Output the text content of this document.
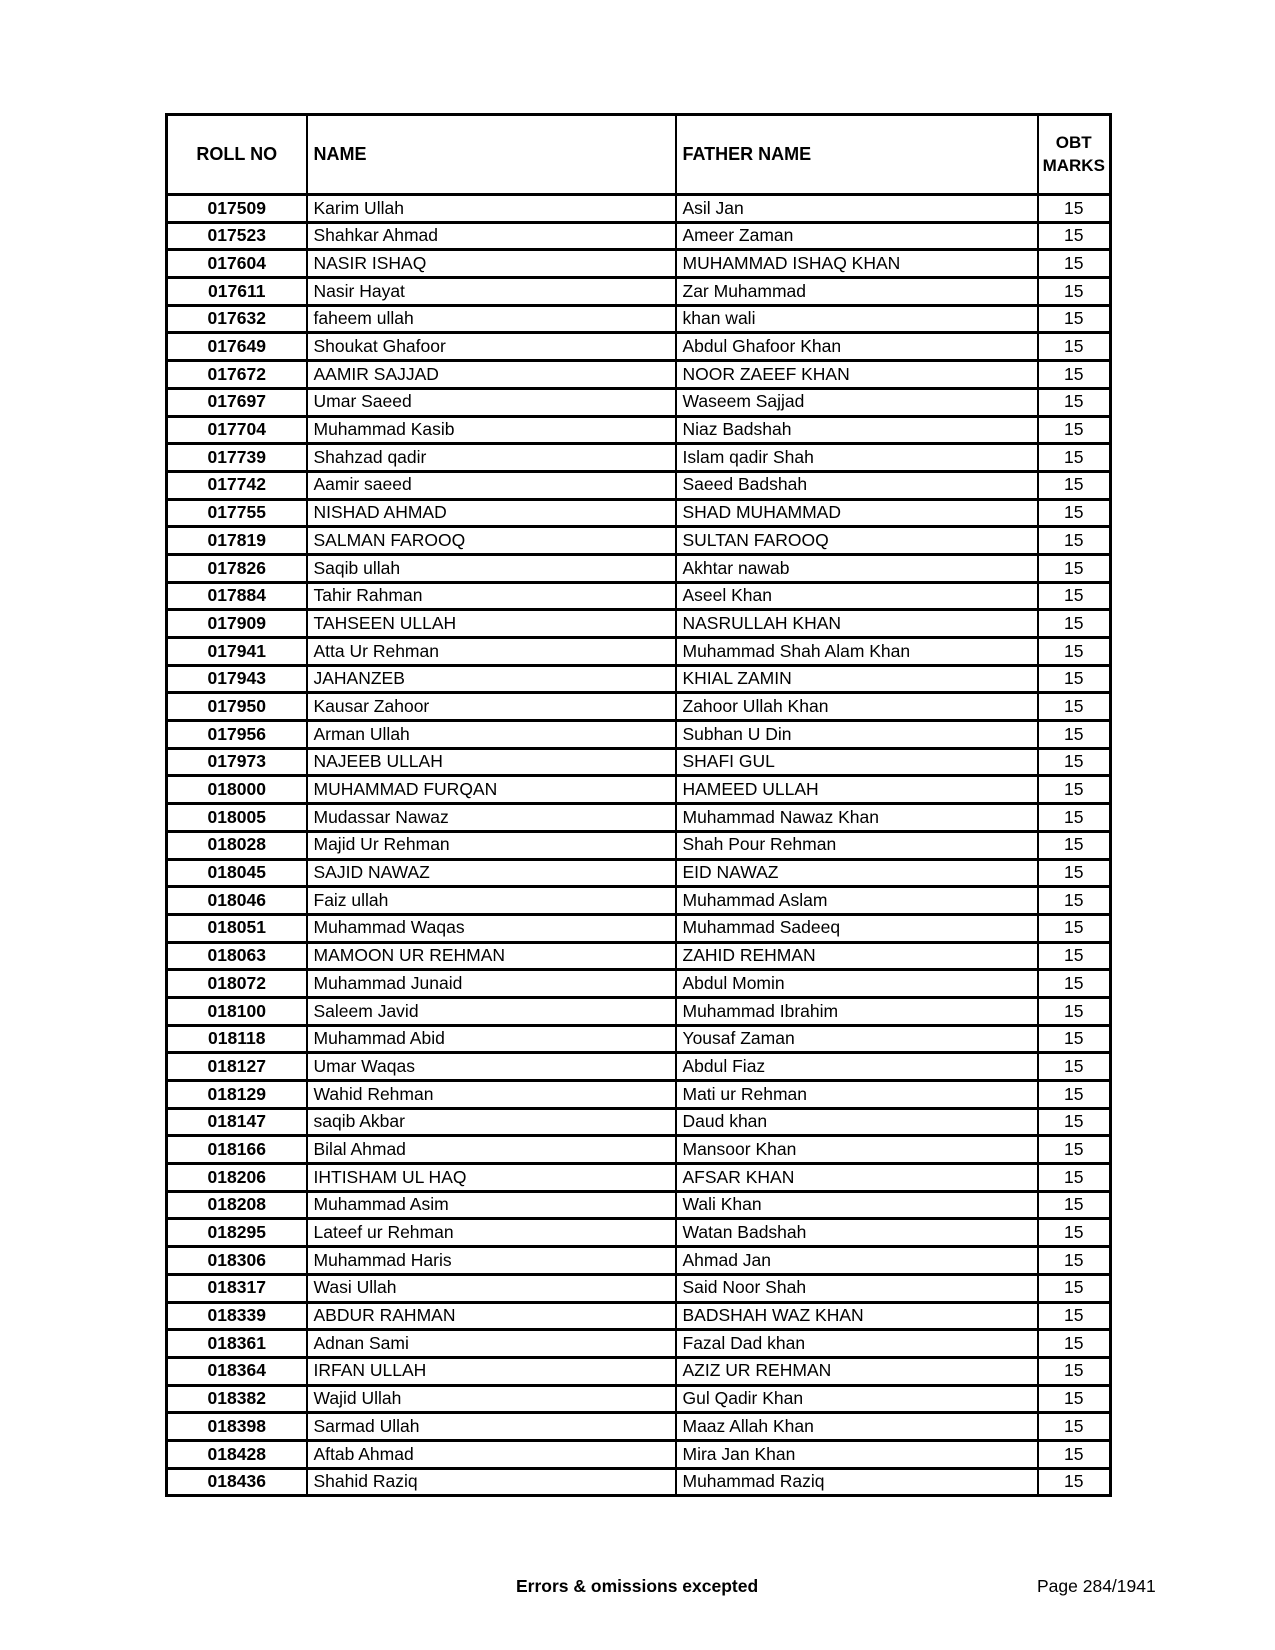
ROLL NO	NAME	FATHER NAME	OBT MARKS
017509	Karim Ullah	Asil Jan	15
017523	Shahkar Ahmad	Ameer Zaman	15
017604	NASIR ISHAQ	MUHAMMAD ISHAQ KHAN	15
017611	Nasir Hayat	Zar Muhammad	15
017632	faheem ullah	khan wali	15
017649	Shoukat Ghafoor	Abdul Ghafoor Khan	15
017672	AAMIR SAJJAD	NOOR ZAEEF KHAN	15
017697	Umar Saeed	Waseem Sajjad	15
017704	Muhammad Kasib	Niaz Badshah	15
017739	Shahzad qadir	Islam qadir Shah	15
017742	Aamir saeed	Saeed Badshah	15
017755	NISHAD AHMAD	SHAD MUHAMMAD	15
017819	SALMAN FAROOQ	SULTAN FAROOQ	15
017826	Saqib ullah	Akhtar nawab	15
017884	Tahir Rahman	Aseel Khan	15
017909	TAHSEEN ULLAH	NASRULLAH KHAN	15
017941	Atta Ur Rehman	Muhammad Shah Alam Khan	15
017943	JAHANZEB	KHIAL ZAMIN	15
017950	Kausar Zahoor	Zahoor Ullah Khan	15
017956	Arman Ullah	Subhan U Din	15
017973	NAJEEB ULLAH	SHAFI GUL	15
018000	MUHAMMAD FURQAN	HAMEED ULLAH	15
018005	Mudassar Nawaz	Muhammad Nawaz Khan	15
018028	Majid Ur Rehman	Shah Pour Rehman	15
018045	SAJID NAWAZ	EID NAWAZ	15
018046	Faiz ullah	Muhammad Aslam	15
018051	Muhammad Waqas	Muhammad Sadeeq	15
018063	MAMOON UR REHMAN	ZAHID REHMAN	15
018072	Muhammad Junaid	Abdul Momin	15
018100	Saleem Javid	Muhammad Ibrahim	15
018118	Muhammad Abid	Yousaf Zaman	15
018127	Umar Waqas	Abdul Fiaz	15
018129	Wahid Rehman	Mati ur Rehman	15
018147	saqib Akbar	Daud khan	15
018166	Bilal Ahmad	Mansoor Khan	15
018206	IHTISHAM UL HAQ	AFSAR KHAN	15
018208	Muhammad Asim	Wali Khan	15
018295	Lateef ur Rehman	Watan Badshah	15
018306	Muhammad Haris	Ahmad Jan	15
018317	Wasi Ullah	Said Noor Shah	15
018339	ABDUR RAHMAN	BADSHAH WAZ KHAN	15
018361	Adnan Sami	Fazal Dad khan	15
018364	IRFAN ULLAH	AZIZ UR REHMAN	15
018382	Wajid Ullah	Gul Qadir Khan	15
018398	Sarmad Ullah	Maaz Allah Khan	15
018428	Aftab Ahmad	Mira Jan Khan	15
018436	Shahid Raziq	Muhammad Raziq	15
Errors & omissions excepted	Page 284/1941
